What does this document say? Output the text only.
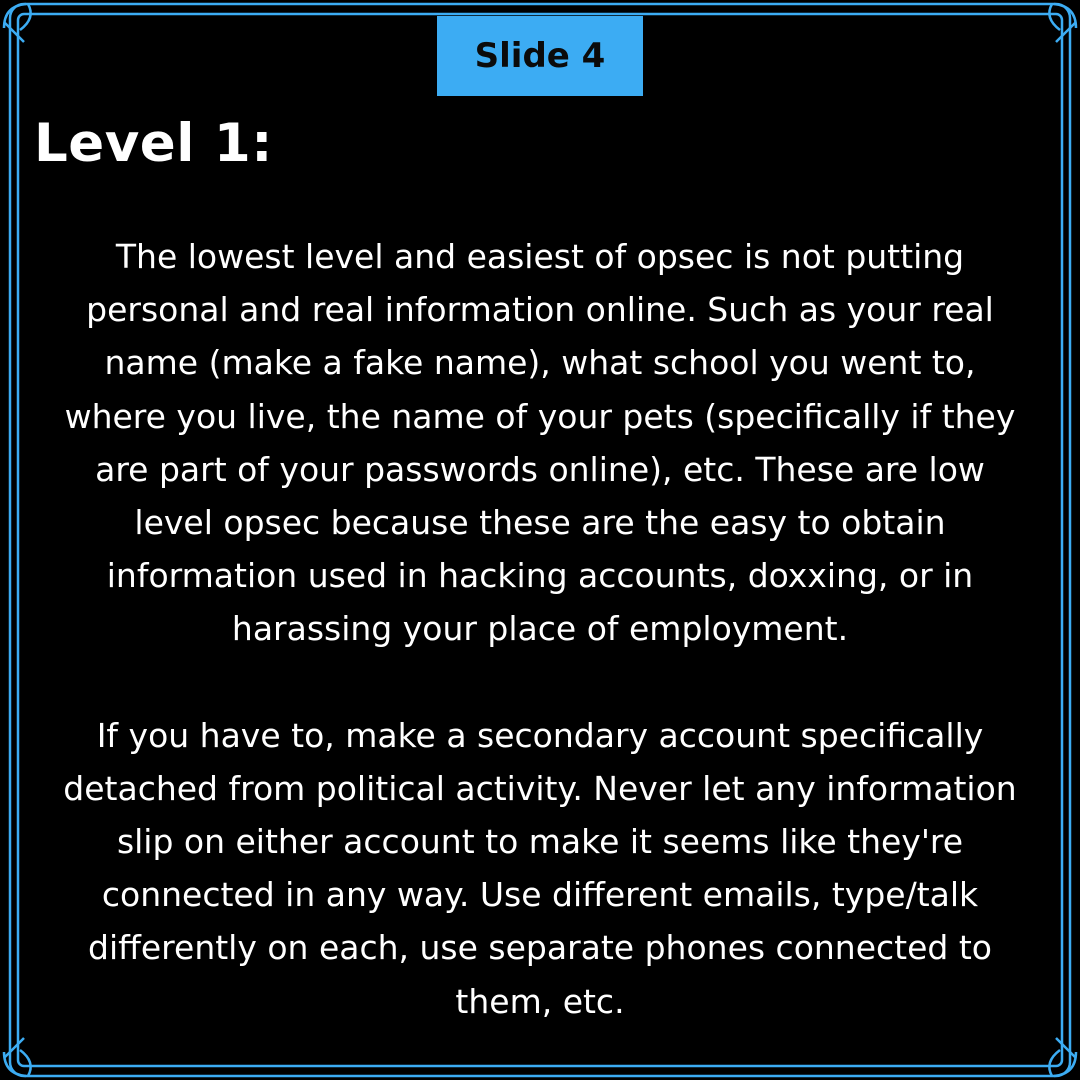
Slide 4
Level 1:

The lowest level and easiest of opsec is not putting personal and real information online. Such as your real name (make a fake name), what school you went to, where you live, the name of your pets (specifically if they are part of your passwords online), etc. These are low level opsec because these are the easy to obtain information used in hacking accounts, doxxing, or in harassing your place of employment.

If you have to, make a secondary account specifically detached from political activity. Never let any information slip on either account to make it seems like they're connected in any way. Use different emails, type/talk differently on each, use separate phones connected to them, etc.
